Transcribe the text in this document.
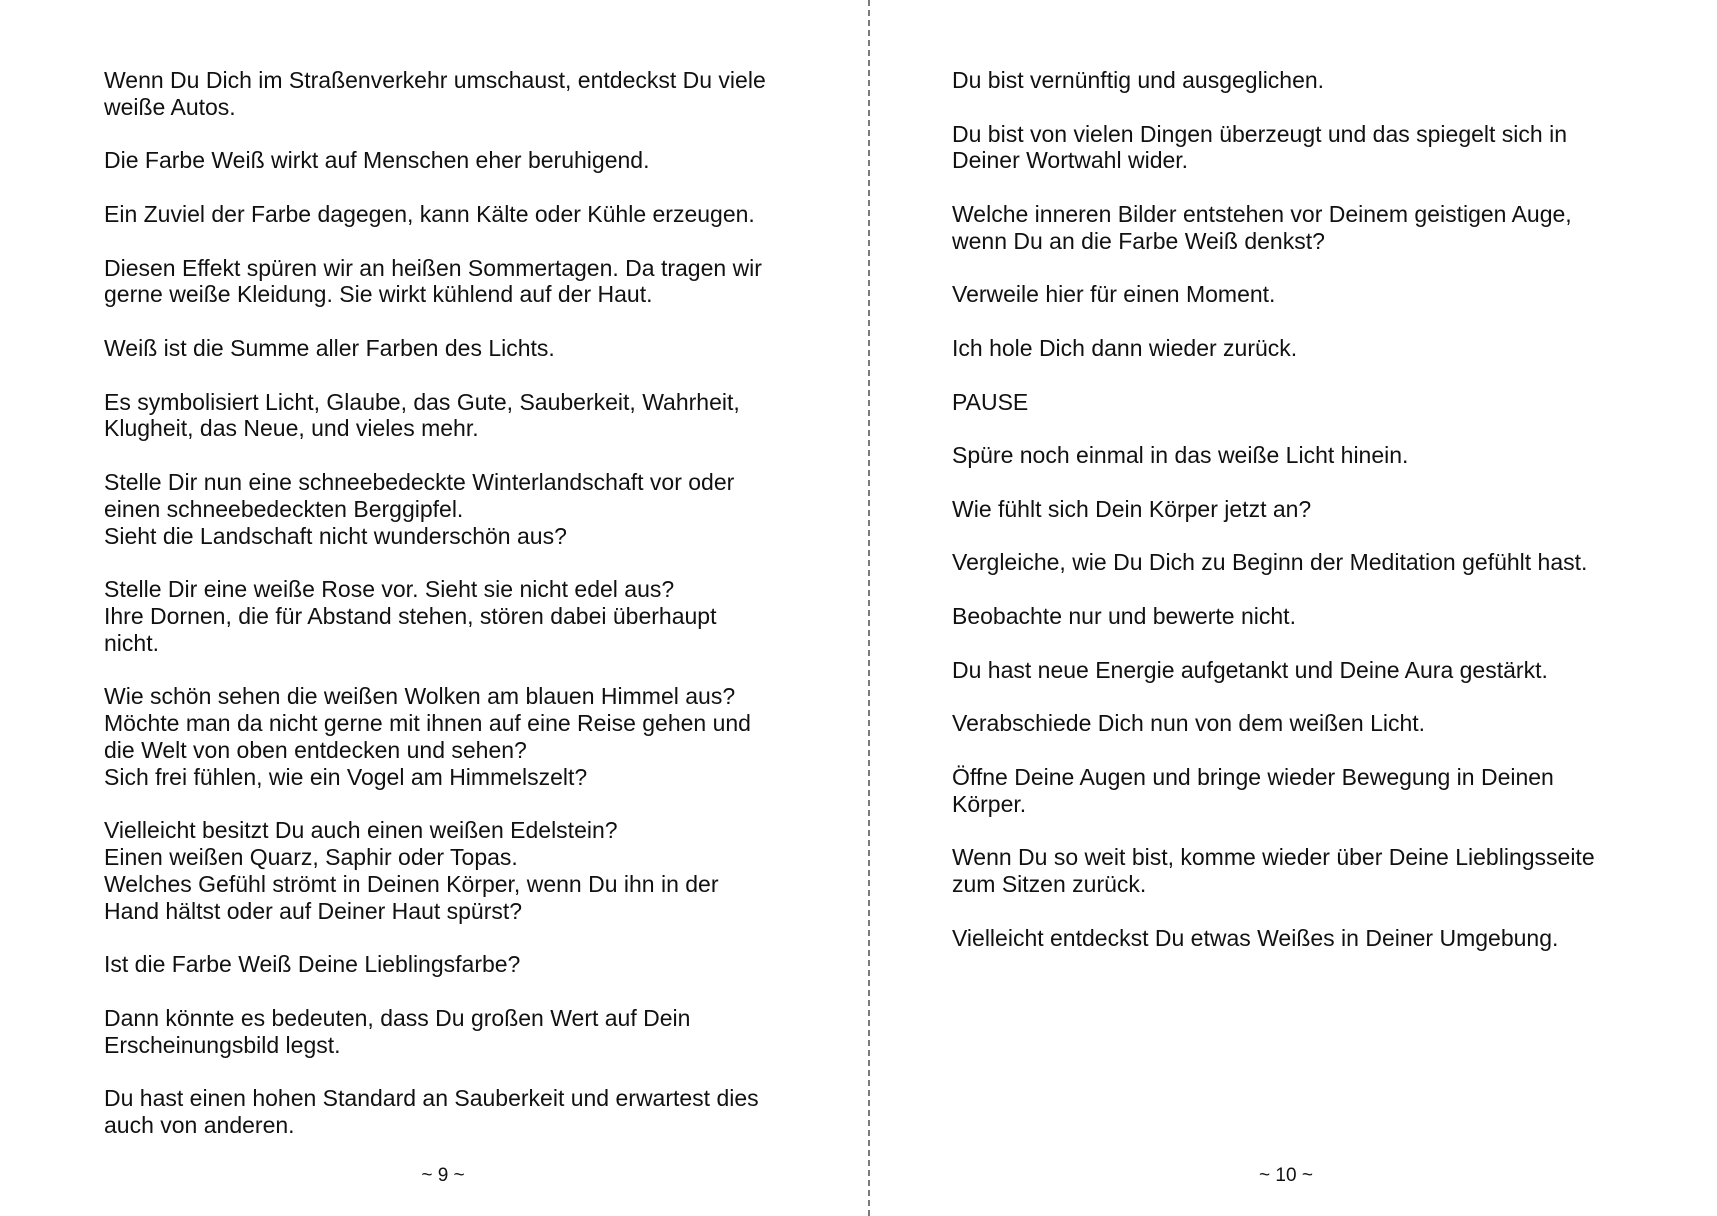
Wenn Du Dich im Straßenverkehr umschaust, entdeckst Du viele
weiße Autos.

Die Farbe Weiß wirkt auf Menschen eher beruhigend.

Ein Zuviel der Farbe dagegen, kann Kälte oder Kühle erzeugen.

Diesen Effekt spüren wir an heißen Sommertagen. Da tragen wir
gerne weiße Kleidung. Sie wirkt kühlend auf der Haut.

Weiß ist die Summe aller Farben des Lichts.

Es symbolisiert Licht, Glaube, das Gute, Sauberkeit, Wahrheit,
Klugheit, das Neue, und vieles mehr.

Stelle Dir nun eine schneebedeckte Winterlandschaft vor oder
einen schneebedeckten Berggipfel.
Sieht die Landschaft nicht wunderschön aus?

Stelle Dir eine weiße Rose vor. Sieht sie nicht edel aus?
Ihre Dornen, die für Abstand stehen, stören dabei überhaupt
nicht.

Wie schön sehen die weißen Wolken am blauen Himmel aus?
Möchte man da nicht gerne mit ihnen auf eine Reise gehen und
die Welt von oben entdecken und sehen?
Sich frei fühlen, wie ein Vogel am Himmelszelt?

Vielleicht besitzt Du auch einen weißen Edelstein?
Einen weißen Quarz, Saphir oder Topas.
Welches Gefühl strömt in Deinen Körper, wenn Du ihn in der
Hand hältst oder auf Deiner Haut spürst?

Ist die Farbe Weiß Deine Lieblingsfarbe?

Dann könnte es bedeuten, dass Du großen Wert auf Dein
Erscheinungsbild legst.

Du hast einen hohen Standard an Sauberkeit und erwartest dies
auch von anderen.

~ 9 ~

Du bist vernünftig und ausgeglichen.

Du bist von vielen Dingen überzeugt und das spiegelt sich in
Deiner Wortwahl wider.

Welche inneren Bilder entstehen vor Deinem geistigen Auge,
wenn Du an die Farbe Weiß denkst?

Verweile hier für einen Moment.

Ich hole Dich dann wieder zurück.

PAUSE

Spüre noch einmal in das weiße Licht hinein.

Wie fühlt sich Dein Körper jetzt an?

Vergleiche, wie Du Dich zu Beginn der Meditation gefühlt hast.

Beobachte nur und bewerte nicht.

Du hast neue Energie aufgetankt und Deine Aura gestärkt.

Verabschiede Dich nun von dem weißen Licht.

Öffne Deine Augen und bringe wieder Bewegung in Deinen
Körper.

Wenn Du so weit bist, komme wieder über Deine Lieblingsseite
zum Sitzen zurück.

Vielleicht entdeckst Du etwas Weißes in Deiner Umgebung.

~ 10 ~
